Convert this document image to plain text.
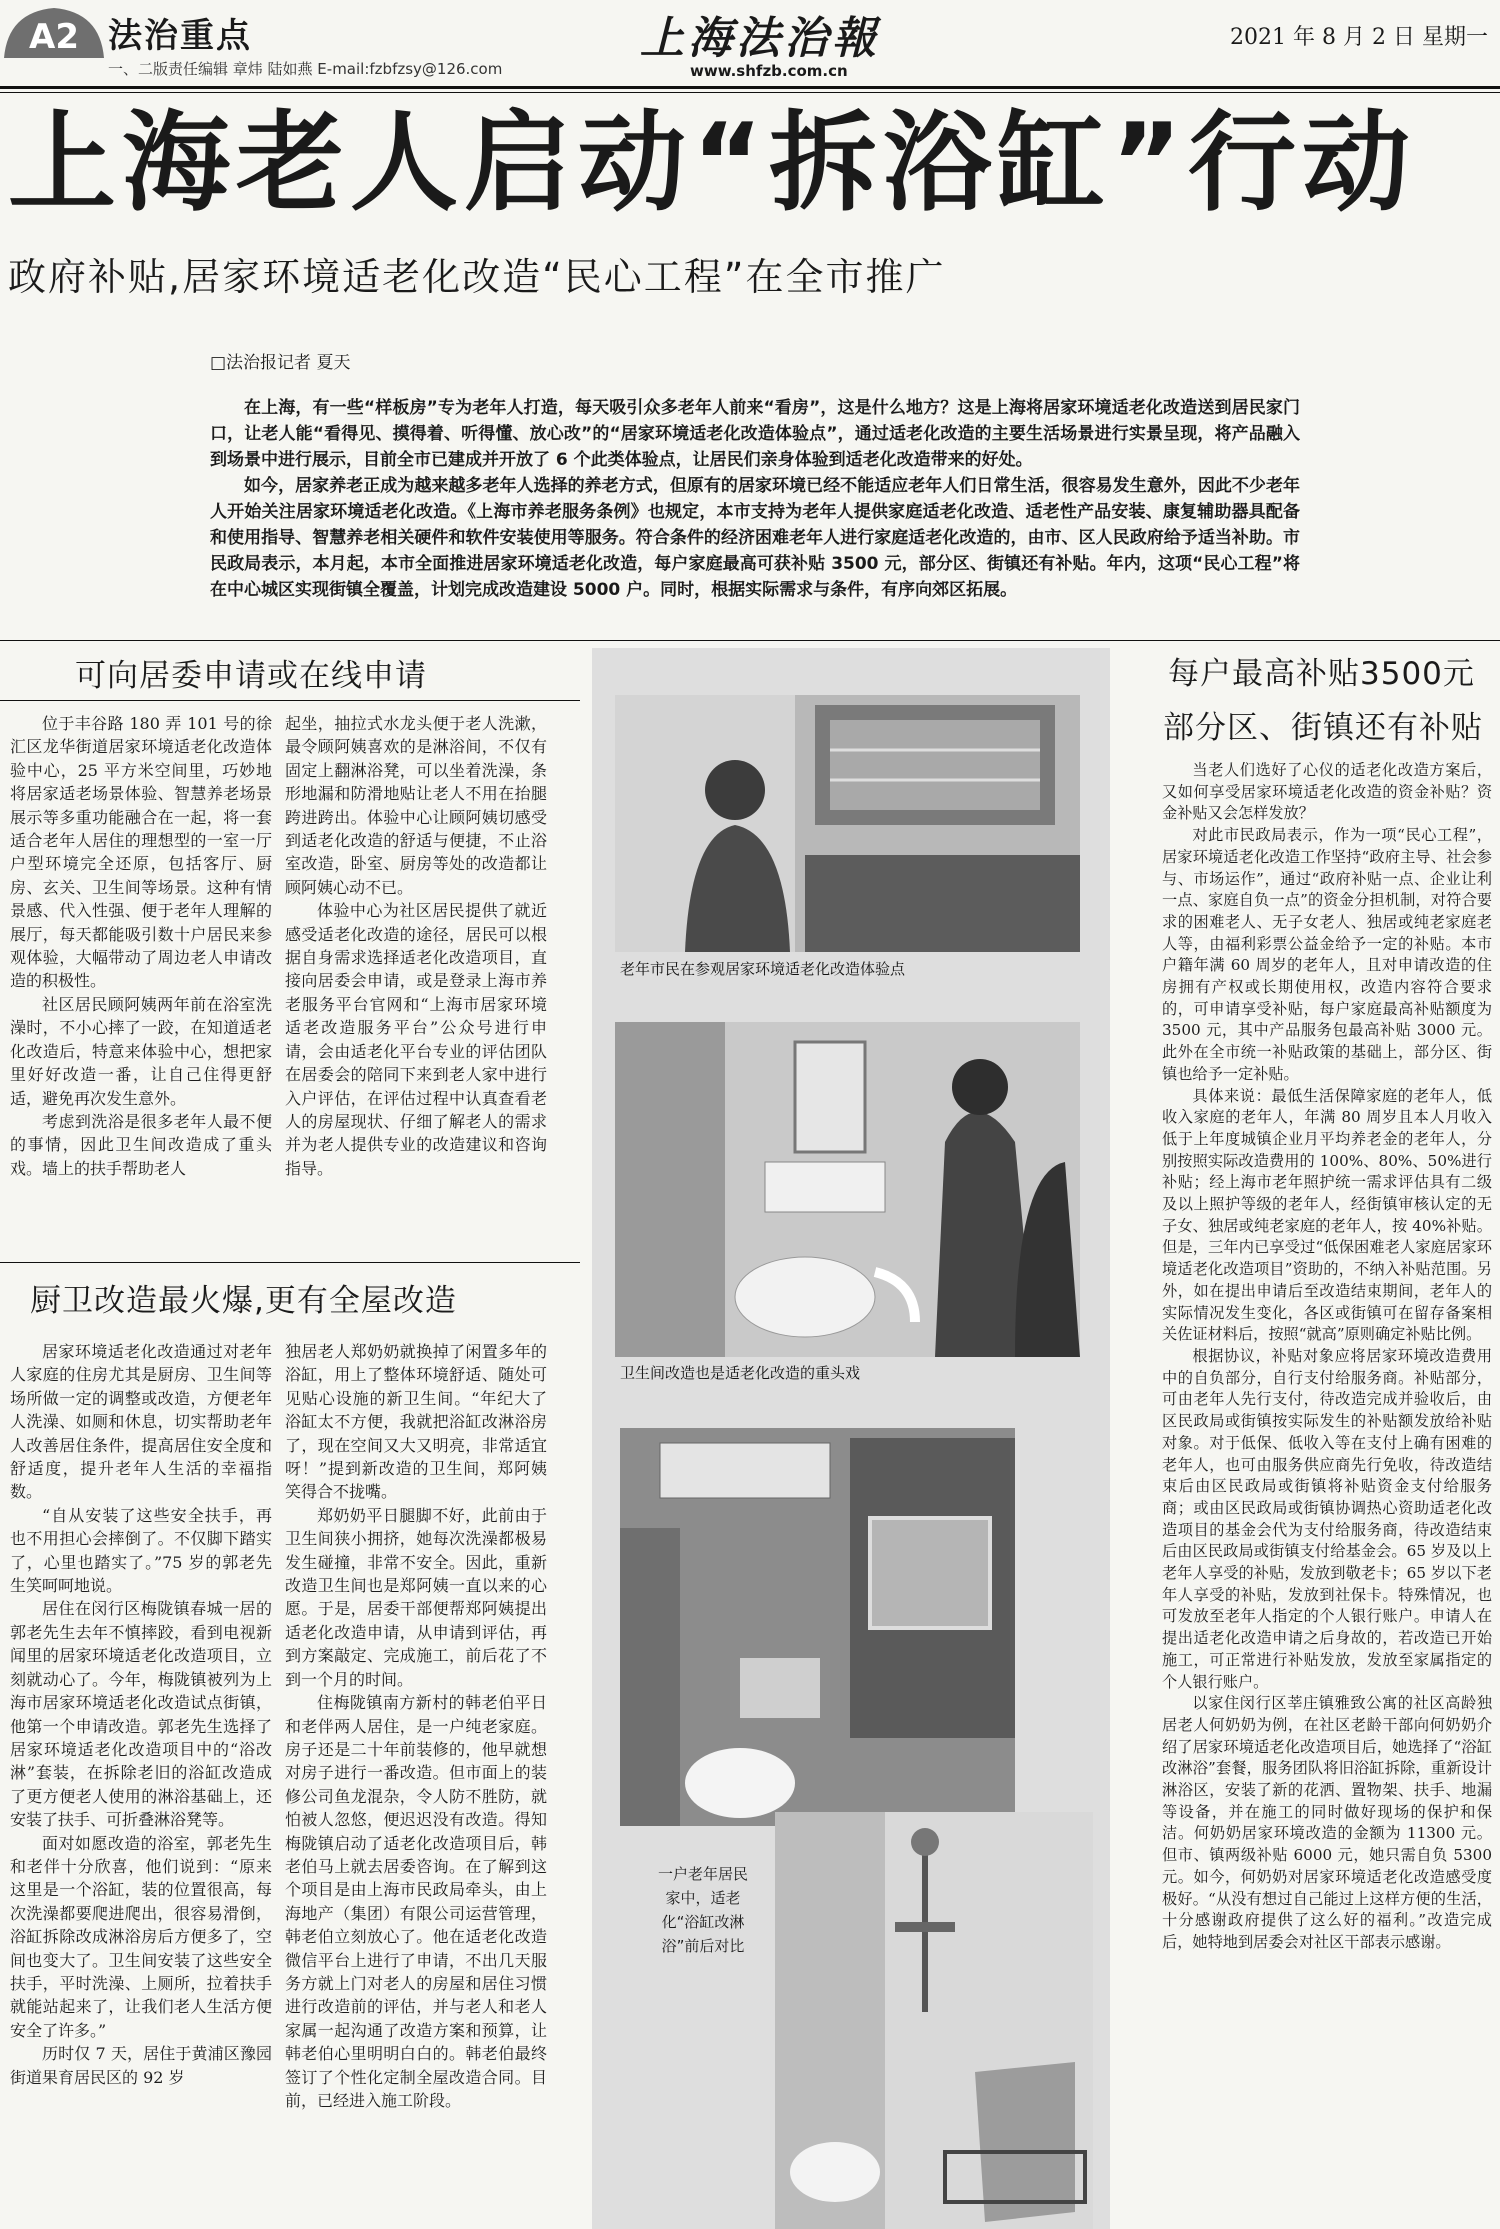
A2 法治重点
一、二版责任编辑 章炜 陆如燕 E-mail:fzbfzsy@126.com
上海法治報
www.shfzb.com.cn
2021 年 8 月 2 日 星期一
上海老人启动“拆浴缸”行动
政府补贴,居家环境适老化改造“民心工程”在全市推广
□法治报记者 夏天

在上海，有一些“样板房”专为老年人打造，每天吸引众多老年人前来“看房”，这是什么地方？这是上海将居家环境适老化改造送到居民家门口，让老人能“看得见、摸得着、听得懂、放心改”的“居家环境适老化改造体验点”，通过适老化改造的主要生活场景进行实景呈现，将产品融入到场景中进行展示，目前全市已建成并开放了 6 个此类体验点，让居民们亲身体验到适老化改造带来的好处。

如今，居家养老正成为越来越多老年人选择的养老方式，但原有的居家环境已经不能适应老年人们日常生活，很容易发生意外，因此不少老年人开始关注居家环境适老化改造。《上海市养老服务条例》也规定，本市支持为老年人提供家庭适老化改造、适老性产品安装、康复辅助器具配备和使用指导、智慧养老相关硬件和软件安装使用等服务。符合条件的经济困难老年人进行家庭适老化改造的，由市、区人民政府给予适当补助。市民政局表示，本月起，本市全面推进居家环境适老化改造，每户家庭最高可获补贴 3500 元，部分区、街镇还有补贴。年内，这项“民心工程”将在中心城区实现街镇全覆盖，计划完成改造建设 5000 户。同时，根据实际需求与条件，有序向郊区拓展。

可向居委申请或在线申请

位于丰谷路 180 弄 101 号的徐汇区龙华街道居家环境适老化改造体验中心，25 平方米空间里，巧妙地将居家适老场景体验、智慧养老场景展示等多重功能融合在一起，将一套适合老年人居住的理想型的一室一厅户型环境完全还原，包括客厅、厨房、玄关、卫生间等场景。这种有情景感、代入性强、便于老年人理解的展厅，每天都能吸引数十户居民来参观体验，大幅带动了周边老人申请改造的积极性。

社区居民顾阿姨两年前在浴室洗澡时，不小心摔了一跤，在知道适老化改造后，特意来体验中心，想把家里好好改造一番，让自己住得更舒适，避免再次发生意外。

考虑到洗浴是很多老年人最不便的事情，因此卫生间改造成了重头戏。墙上的扶手帮助老人

起坐，抽拉式水龙头便于老人洗漱，最令顾阿姨喜欢的是淋浴间，不仅有固定上翻淋浴凳，可以坐着洗澡，条形地漏和防滑地贴让老人不用在抬腿跨进跨出。体验中心让顾阿姨切感受到适老化改造的舒适与便捷，不止浴室改造，卧室、厨房等处的改造都让顾阿姨心动不已。

体验中心为社区居民提供了就近感受适老化改造的途径，居民可以根据自身需求选择适老化改造项目，直接向居委会申请，或是登录上海市养老服务平台官网和“上海市居家环境适老改造服务平台”公众号进行申请，会由适老化平台专业的评估团队在居委会的陪同下来到老人家中进行入户评估，在评估过程中认真查看老人的房屋现状、仔细了解老人的需求并为老人提供专业的改造建议和咨询指导。

厨卫改造最火爆,更有全屋改造

居家环境适老化改造通过对老年人家庭的住房尤其是厨房、卫生间等场所做一定的调整或改造，方便老年人洗澡、如厕和休息，切实帮助老年人改善居住条件，提高居住安全度和舒适度，提升老年人生活的幸福指数。

“自从安装了这些安全扶手，再也不用担心会摔倒了。不仅脚下踏实了，心里也踏实了。”75 岁的郭老先生笑呵呵地说。

居住在闵行区梅陇镇春城一居的郭老先生去年不慎摔跤，看到电视新闻里的居家环境适老化改造项目，立刻就动心了。今年，梅陇镇被列为上海市居家环境适老化改造试点街镇，他第一个申请改造。郭老先生选择了居家环境适老化改造项目中的“浴改淋”套装，在拆除老旧的浴缸改造成了更方便老人使用的淋浴基础上，还安装了扶手、可折叠淋浴凳等。

面对如愿改造的浴室，郭老先生和老伴十分欣喜，他们说到：“原来这里是一个浴缸，装的位置很高，每次洗澡都要爬进爬出，很容易滑倒，浴缸拆除改成淋浴房后方便多了，空间也变大了。卫生间安装了这些安全扶手，平时洗澡、上厕所，拉着扶手就能站起来了，让我们老人生活方便安全了许多。”

历时仅 7 天，居住于黄浦区豫园街道果育居民区的 92 岁

独居老人郑奶奶就换掉了闲置多年的浴缸，用上了整体环境舒适、随处可见贴心设施的新卫生间。“年纪大了浴缸太不方便，我就把浴缸改淋浴房了，现在空间又大又明亮，非常适宜呀！”提到新改造的卫生间，郑阿姨笑得合不拢嘴。

郑奶奶平日腿脚不好，此前由于卫生间狭小拥挤，她每次洗澡都极易发生碰撞，非常不安全。因此，重新改造卫生间也是郑阿姨一直以来的心愿。于是，居委干部便帮郑阿姨提出适老化改造申请，从申请到评估，再到方案敲定、完成施工，前后花了不到一个月的时间。

住梅陇镇南方新村的韩老伯平日和老伴两人居住，是一户纯老家庭。房子还是二十年前装修的，他早就想对房子进行一番改造。但市面上的装修公司鱼龙混杂，令人防不胜防，就怕被人忽悠，便迟迟没有改造。得知梅陇镇启动了适老化改造项目后，韩老伯马上就去居委咨询。在了解到这个项目是由上海市民政局牵头，由上海地产（集团）有限公司运营管理，韩老伯立刻放心了。他在适老化改造微信平台上进行了申请，不出几天服务方就上门对老人的房屋和居住习惯进行改造前的评估，并与老人和老人家属一起沟通了改造方案和预算，让韩老伯心里明明白白的。韩老伯最终签订了个性化定制全屋改造合同。目前，已经进入施工阶段。

老年市民在参观居家环境适老化改造体验点
卫生间改造也是适老化改造的重头戏
一户老年居民家中，适老化“浴缸改淋浴”前后对比
每户最高补贴3500元
部分区、街镇还有补贴

当老人们选好了心仪的适老化改造方案后，又如何享受居家环境适老化改造的资金补贴？资金补贴又会怎样发放？

对此市民政局表示，作为一项“民心工程”，居家环境适老化改造工作坚持“政府主导、社会参与、市场运作”，通过“政府补贴一点、企业让利一点、家庭自负一点”的资金分担机制，对符合要求的困难老人、无子女老人、独居或纯老家庭老人等，由福利彩票公益金给予一定的补贴。本市户籍年满 60 周岁的老年人，且对申请改造的住房拥有产权或长期使用权，改造内容符合要求的，可申请享受补贴，每户家庭最高补贴额度为 3500 元，其中产品服务包最高补贴 3000 元。此外在全市统一补贴政策的基础上，部分区、街镇也给予一定补贴。

具体来说：最低生活保障家庭的老年人，低收入家庭的老年人，年满 80 周岁且本人月收入低于上年度城镇企业月平均养老金的老年人，分别按照实际改造费用的 100%、80%、50%进行补贴；经上海市老年照护统一需求评估具有二级及以上照护等级的老年人，经街镇审核认定的无子女、独居或纯老家庭的老年人，按 40%补贴。但是，三年内已享受过“低保困难老人家庭居家环境适老化改造项目”资助的，不纳入补贴范围。另外，如在提出申请后至改造结束期间，老年人的实际情况发生变化，各区或街镇可在留存备案相关佐证材料后，按照“就高”原则确定补贴比例。

根据协议，补贴对象应将居家环境改造费用中的自负部分，自行支付给服务商。补贴部分，可由老年人先行支付，待改造完成并验收后，由区民政局或街镇按实际发生的补贴额发放给补贴对象。对于低保、低收入等在支付上确有困难的老年人，也可由服务供应商先行免收，待改造结束后由区民政局或街镇将补贴资金支付给服务商；或由区民政局或街镇协调热心资助适老化改造项目的基金会代为支付给服务商，待改造结束后由区民政局或街镇支付给基金会。65 岁及以上老年人享受的补贴，发放到敬老卡；65 岁以下老年人享受的补贴，发放到社保卡。特殊情况，也可发放至老年人指定的个人银行账户。申请人在提出适老化改造申请之后身故的，若改造已开始施工，可正常进行补贴发放，发放至家属指定的个人银行账户。

以家住闵行区莘庄镇雅致公寓的社区高龄独居老人何奶奶为例，在社区老龄干部向何奶奶介绍了居家环境适老化改造项目后，她选择了“浴缸改淋浴”套餐，服务团队将旧浴缸拆除，重新设计淋浴区，安装了新的花洒、置物架、扶手、地漏等设备，并在施工的同时做好现场的保护和保洁。何奶奶居家环境改造的金额为 11300 元。但市、镇两级补贴 6000 元，她只需自负 5300 元。如今，何奶奶对居家环境适老化改造感受度极好。“从没有想过自己能过上这样方便的生活，十分感谢政府提供了这么好的福利。”改造完成后，她特地到居委会对社区干部表示感谢。
